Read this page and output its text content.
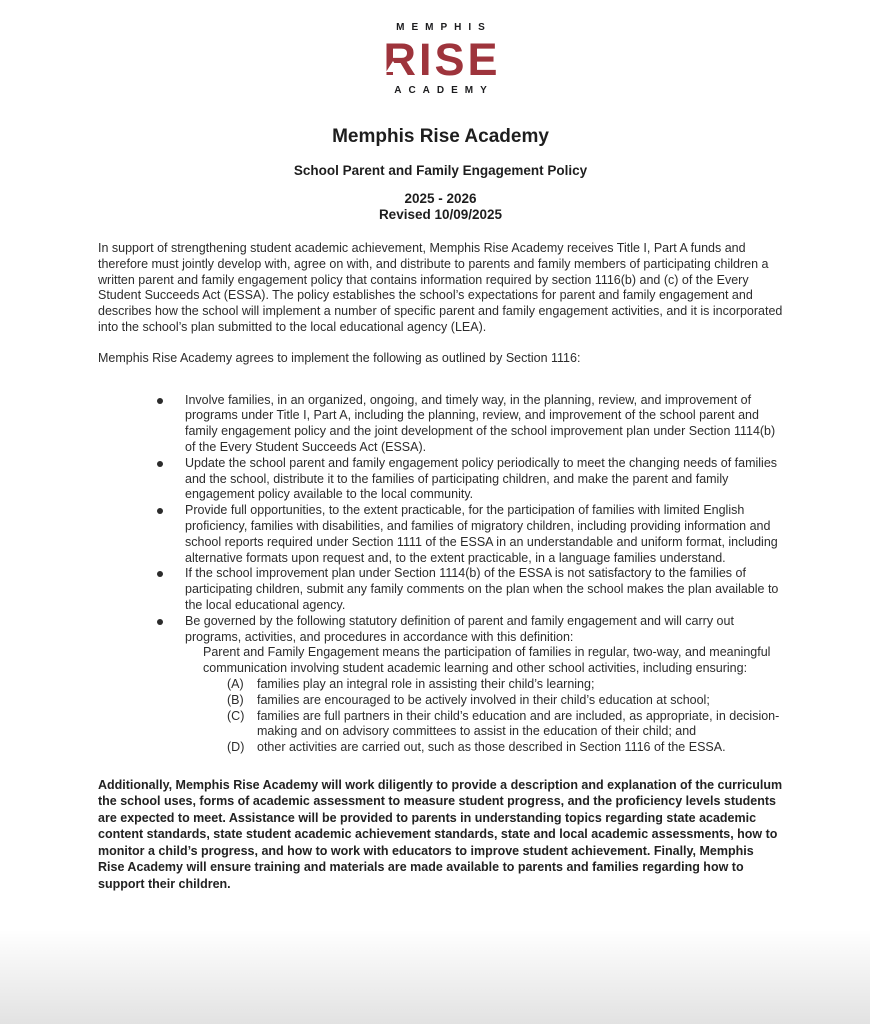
MEMPHIS
RISE
ACADEMY
Memphis Rise Academy
School Parent and Family Engagement Policy
2025 - 2026
Revised 10/09/2025
In support of strengthening student academic achievement, Memphis Rise Academy receives Title I, Part A funds and therefore must jointly develop with, agree on with, and distribute to parents and family members of participating children a written parent and family engagement policy that contains information required by section 1116(b) and (c) of the Every Student Succeeds Act (ESSA). The policy establishes the school’s expectations for parent and family engagement and describes how the school will implement a number of specific parent and family engagement activities, and it is incorporated into the school’s plan submitted to the local educational agency (LEA).
Memphis Rise Academy agrees to implement the following as outlined by Section 1116:
Involve families, in an organized, ongoing, and timely way, in the planning, review, and improvement of programs under Title I, Part A, including the planning, review, and improvement of the school parent and family engagement policy and the joint development of the school improvement plan under Section 1114(b) of the Every Student Succeeds Act (ESSA).
Update the school parent and family engagement policy periodically to meet the changing needs of families and the school, distribute it to the families of participating children, and make the parent and family engagement policy available to the local community.
Provide full opportunities, to the extent practicable, for the participation of families with limited English proficiency, families with disabilities, and families of migratory children, including providing information and school reports required under Section 1111 of the ESSA in an understandable and uniform format, including alternative formats upon request and, to the extent practicable, in a language families understand.
If the school improvement plan under Section 1114(b) of the ESSA is not satisfactory to the families of participating children, submit any family comments on the plan when the school makes the plan available to the local educational agency.
Be governed by the following statutory definition of parent and family engagement and will carry out programs, activities, and procedures in accordance with this definition:
Parent and Family Engagement means the participation of families in regular, two-way, and meaningful communication involving student academic learning and other school activities, including ensuring:
(A)	families play an integral role in assisting their child’s learning;
(B)	families are encouraged to be actively involved in their child’s education at school;
(C)	families are full partners in their child’s education and are included, as appropriate, in decision-making and on advisory committees to assist in the education of their child; and
(D)	other activities are carried out, such as those described in Section 1116 of the ESSA.
Additionally, Memphis Rise Academy will work diligently to provide a description and explanation of the curriculum the school uses, forms of academic assessment to measure student progress, and the proficiency levels students are expected to meet. Assistance will be provided to parents in understanding topics regarding state academic content standards, state student academic achievement standards, state and local academic assessments, how to monitor a child’s progress, and how to work with educators to improve student achievement. Finally, Memphis Rise Academy will ensure training and materials are made available to parents and families regarding how to support their children.
